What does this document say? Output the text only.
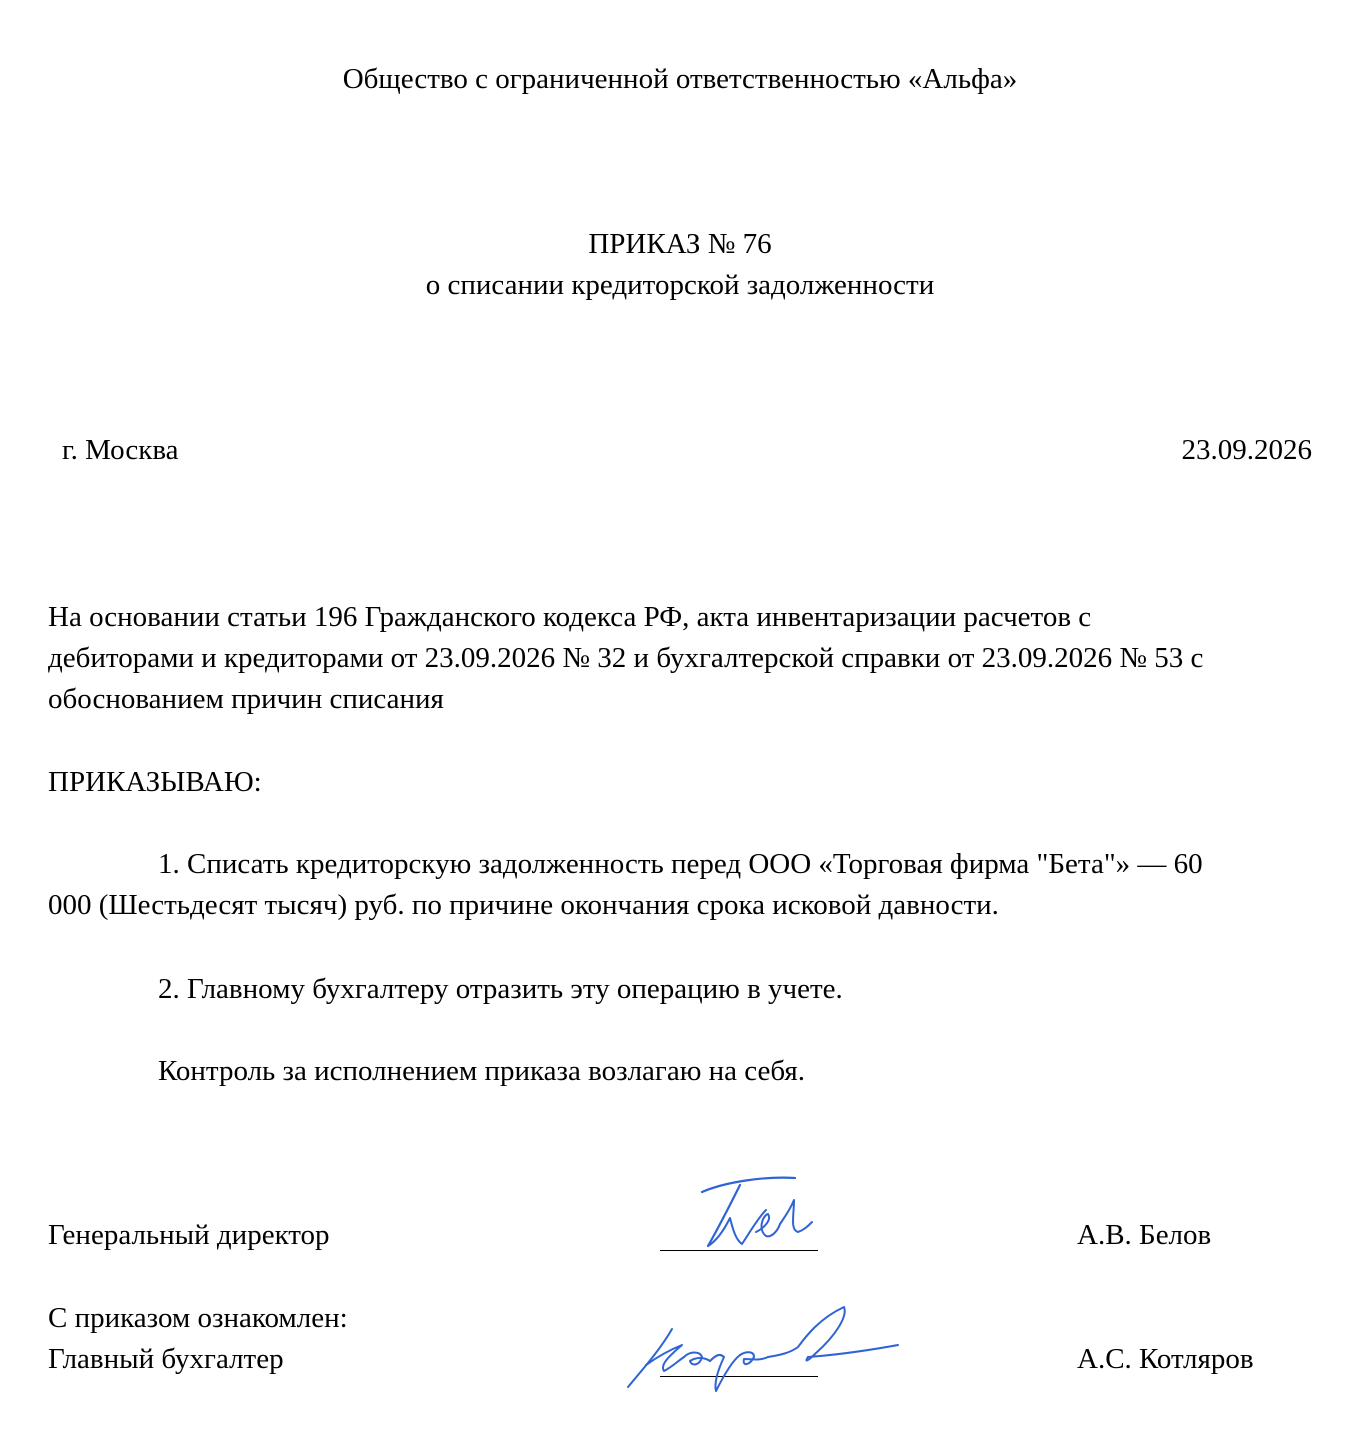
Общество с ограниченной ответственностью «Альфа»
ПРИКАЗ № 76
о списании кредиторской задолженности
г. Москва	23.09.2026
На основании статьи 196 Гражданского кодекса РФ, акта инвентаризации расчетов с
дебиторами и кредиторами от 23.09.2026 № 32 и бухгалтерской справки от 23.09.2026 № 53 с
обоснованием причин списания
ПРИКАЗЫВАЮ:
1. Списать кредиторскую задолженность перед ООО «Торговая фирма "Бета"» — 60
000 (Шестьдесят тысяч) руб. по причине окончания срока исковой давности.
2. Главному бухгалтеру отразить эту операцию в учете.
Контроль за исполнением приказа возлагаю на себя.
Генеральный директор	А.В. Белов
С приказом ознакомлен:
Главный бухгалтер	А.С. Котляров
